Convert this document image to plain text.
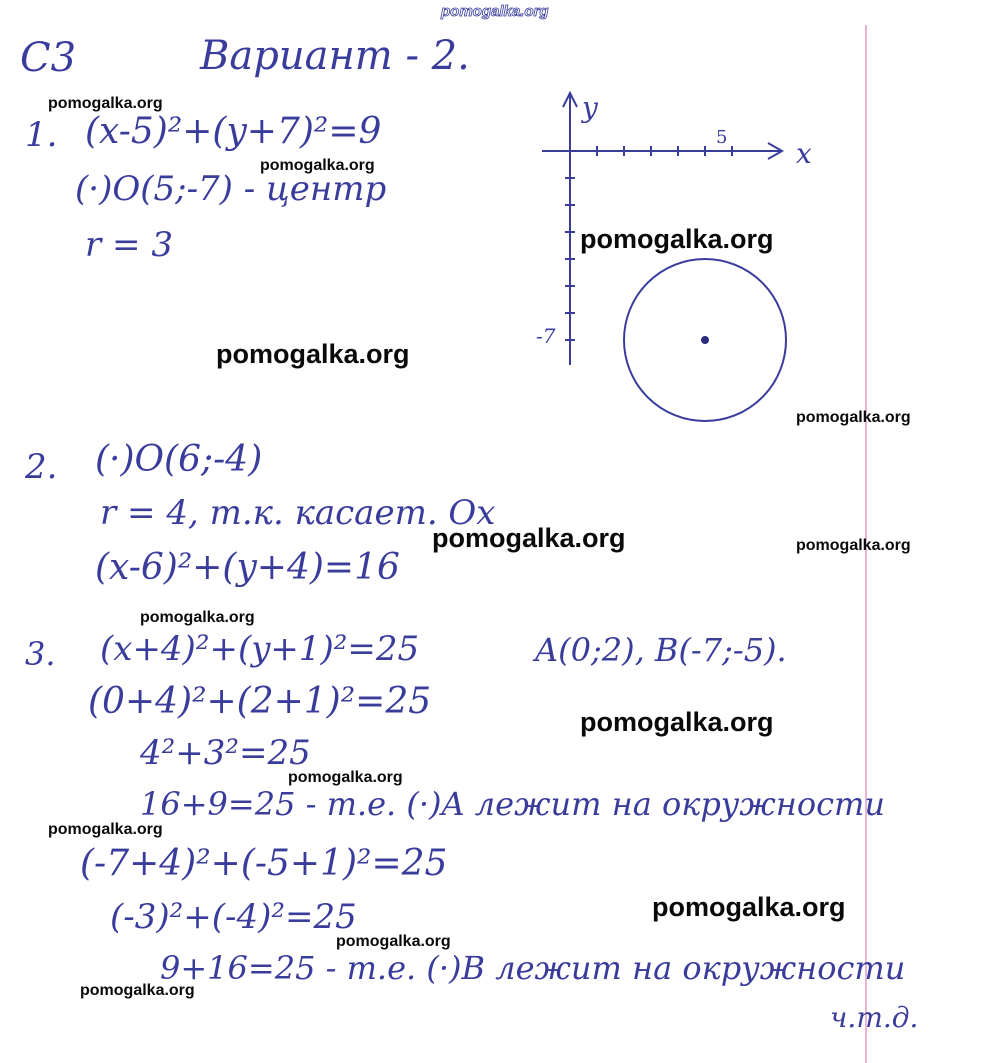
pomogalka.org
С3	Вариант - 2.
1. (x-5)²+(y+7)²=9
(·)O(5;-7) - центр
r = 3
y
x
5
-7
2. (·)O(6;-4)
r = 4, т.к. касает. Ox
(x-6)²+(y+4)=16
3. (x+4)²+(y+1)²=25	A(0;2), B(-7;-5).
(0+4)²+(2+1)²=25
4²+3²=25
16+9=25 - т.е. (·)A лежит на окружности
(-7+4)²+(-5+1)²=25
(-3)²+(-4)²=25
9+16=25 - т.е. (·)B лежит на окружности
ч.т.д.
pomogalka.org
pomogalka.org
pomogalka.org
pomogalka.org
pomogalka.org
pomogalka.org	pomogalka.org
pomogalka.org
pomogalka.org
pomogalka.org
pomogalka.org
pomogalka.org
pomogalka.org
pomogalka.org
